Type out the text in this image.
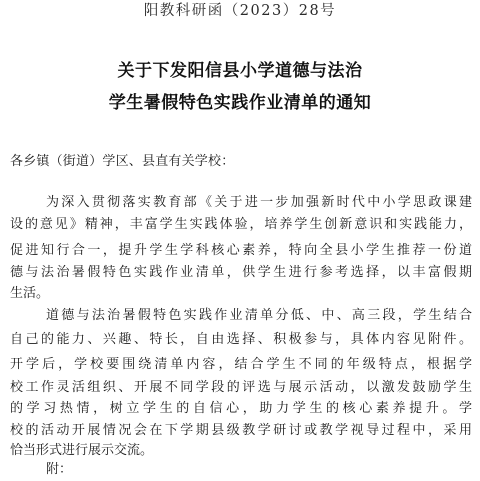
阳教科研函（2023）28号
关于下发阳信县小学道德与法治
学生暑假特色实践作业清单的通知
各乡镇（街道）学区、县直有关学校：
为深入贯彻落实教育部《关于进一步加强新时代中小学思政课建
设的意见》精神，丰富学生实践体验，培养学生创新意识和实践能力，
促进知行合一，提升学生学科核心素养，特向全县小学生推荐一份道
德与法治暑假特色实践作业清单，供学生进行参考选择，以丰富假期
生活。
道德与法治暑假特色实践作业清单分低、中、高三段，学生结合
自己的能力、兴趣、特长，自由选择、积极参与，具体内容见附件。
开学后，学校要围绕清单内容，结合学生不同的年级特点，根据学
校工作灵活组织、开展不同学段的评选与展示活动，以激发鼓励学生
的学习热情，树立学生的自信心，助力学生的核心素养提升。学
校的活动开展情况会在下学期县级教学研讨或教学视导过程中，采用
恰当形式进行展示交流。
附：
